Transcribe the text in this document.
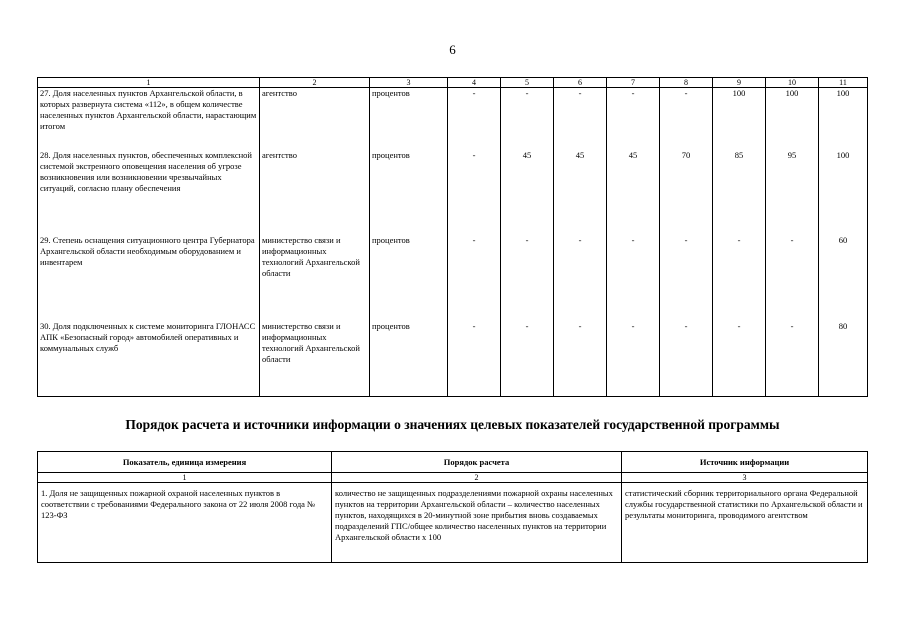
6
1	2	3	4	5	6	7	8	9	10	11
27. Доля населенных пунктов Архангельской области, в которых развернута система «112», в общем количестве населенных пунктов Архангельской области, нарастающим итогом	агентство	процентов	-	-	-	-	-	100	100	100
28. Доля населенных пунктов, обеспеченных комплексной системой экстренного оповещения населения об угрозе возникновения или возникновении чрезвычайных ситуаций, согласно плану обеспечения	агентство	процентов	-	45	45	45	70	85	95	100
29. Степень оснащения ситуационного центра Губернатора Архангельской области необходимым оборудованием и инвентарем	министерство связи и информационных технологий Архангельской области	процентов	-	-	-	-	-	-	-	60
30. Доля подключенных к системе мониторинга ГЛОНАСС АПК «Безопасный город» автомобилей оперативных и коммунальных служб	министерство связи и информационных технологий Архангельской области	процентов	-	-	-	-	-	-	-	80
Порядок расчета и источники информации о значениях целевых показателей государственной программы
Показатель, единица измерения	Порядок расчета	Источник информации
1	2	3
1. Доля не защищенных пожарной охраной населенных пунктов в соответствии с требованиями Федерального закона от 22 июля 2008 года № 123-ФЗ	количество не защищенных подразделениями пожарной охраны населенных пунктов на территории Архангельской области – количество населенных пунктов, находящихся в 20-минутной зоне прибытия вновь создаваемых подразделений ГПС/общее количество населенных пунктов на территории Архангельской области x 100	статистический сборник территориального органа Федеральной службы государственной статистики по Архангельской области и результаты мониторинга, проводимого агентством
